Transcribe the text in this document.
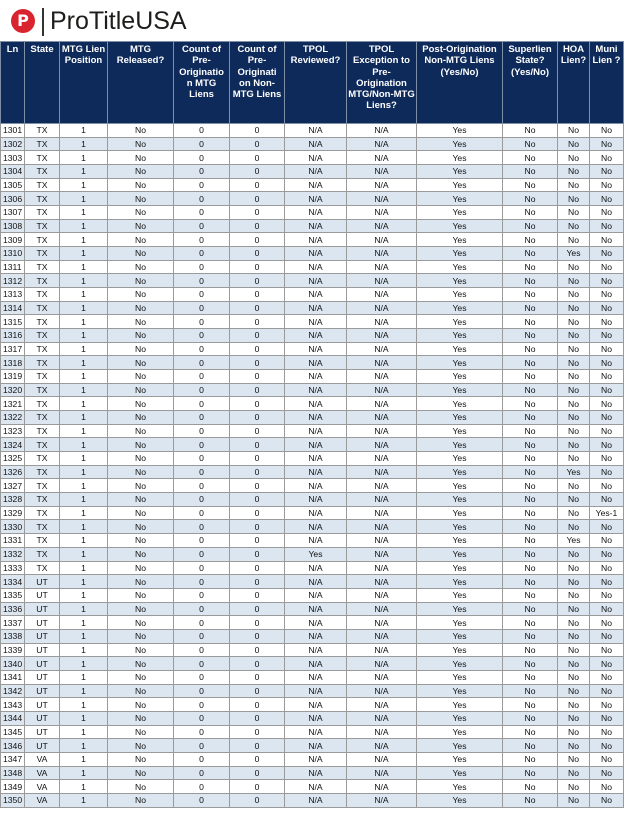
P ProTitleUSA
Ln	State	MTG Lien Position	MTG Released?	Count of Pre-Originatio n MTG Liens	Count of Pre-Originati on Non-MTG Liens	TPOL Reviewed?	TPOL Exception to Pre-Origination MTG/Non-MTG Liens?	Post-Origination Non-MTG Liens (Yes/No)	Superlien State? (Yes/No)	HOA Lien?	Muni Lien ?
1301	TX	1	No	0	0	N/A	N/A	Yes	No	No	No
1302	TX	1	No	0	0	N/A	N/A	Yes	No	No	No
1303	TX	1	No	0	0	N/A	N/A	Yes	No	No	No
1304	TX	1	No	0	0	N/A	N/A	Yes	No	No	No
1305	TX	1	No	0	0	N/A	N/A	Yes	No	No	No
1306	TX	1	No	0	0	N/A	N/A	Yes	No	No	No
1307	TX	1	No	0	0	N/A	N/A	Yes	No	No	No
1308	TX	1	No	0	0	N/A	N/A	Yes	No	No	No
1309	TX	1	No	0	0	N/A	N/A	Yes	No	No	No
1310	TX	1	No	0	0	N/A	N/A	Yes	No	Yes	No
1311	TX	1	No	0	0	N/A	N/A	Yes	No	No	No
1312	TX	1	No	0	0	N/A	N/A	Yes	No	No	No
1313	TX	1	No	0	0	N/A	N/A	Yes	No	No	No
1314	TX	1	No	0	0	N/A	N/A	Yes	No	No	No
1315	TX	1	No	0	0	N/A	N/A	Yes	No	No	No
1316	TX	1	No	0	0	N/A	N/A	Yes	No	No	No
1317	TX	1	No	0	0	N/A	N/A	Yes	No	No	No
1318	TX	1	No	0	0	N/A	N/A	Yes	No	No	No
1319	TX	1	No	0	0	N/A	N/A	Yes	No	No	No
1320	TX	1	No	0	0	N/A	N/A	Yes	No	No	No
1321	TX	1	No	0	0	N/A	N/A	Yes	No	No	No
1322	TX	1	No	0	0	N/A	N/A	Yes	No	No	No
1323	TX	1	No	0	0	N/A	N/A	Yes	No	No	No
1324	TX	1	No	0	0	N/A	N/A	Yes	No	No	No
1325	TX	1	No	0	0	N/A	N/A	Yes	No	No	No
1326	TX	1	No	0	0	N/A	N/A	Yes	No	Yes	No
1327	TX	1	No	0	0	N/A	N/A	Yes	No	No	No
1328	TX	1	No	0	0	N/A	N/A	Yes	No	No	No
1329	TX	1	No	0	0	N/A	N/A	Yes	No	No	Yes-1
1330	TX	1	No	0	0	N/A	N/A	Yes	No	No	No
1331	TX	1	No	0	0	N/A	N/A	Yes	No	Yes	No
1332	TX	1	No	0	0	Yes	N/A	Yes	No	No	No
1333	TX	1	No	0	0	N/A	N/A	Yes	No	No	No
1334	UT	1	No	0	0	N/A	N/A	Yes	No	No	No
1335	UT	1	No	0	0	N/A	N/A	Yes	No	No	No
1336	UT	1	No	0	0	N/A	N/A	Yes	No	No	No
1337	UT	1	No	0	0	N/A	N/A	Yes	No	No	No
1338	UT	1	No	0	0	N/A	N/A	Yes	No	No	No
1339	UT	1	No	0	0	N/A	N/A	Yes	No	No	No
1340	UT	1	No	0	0	N/A	N/A	Yes	No	No	No
1341	UT	1	No	0	0	N/A	N/A	Yes	No	No	No
1342	UT	1	No	0	0	N/A	N/A	Yes	No	No	No
1343	UT	1	No	0	0	N/A	N/A	Yes	No	No	No
1344	UT	1	No	0	0	N/A	N/A	Yes	No	No	No
1345	UT	1	No	0	0	N/A	N/A	Yes	No	No	No
1346	UT	1	No	0	0	N/A	N/A	Yes	No	No	No
1347	VA	1	No	0	0	N/A	N/A	Yes	No	No	No
1348	VA	1	No	0	0	N/A	N/A	Yes	No	No	No
1349	VA	1	No	0	0	N/A	N/A	Yes	No	No	No
1350	VA	1	No	0	0	N/A	N/A	Yes	No	No	No
